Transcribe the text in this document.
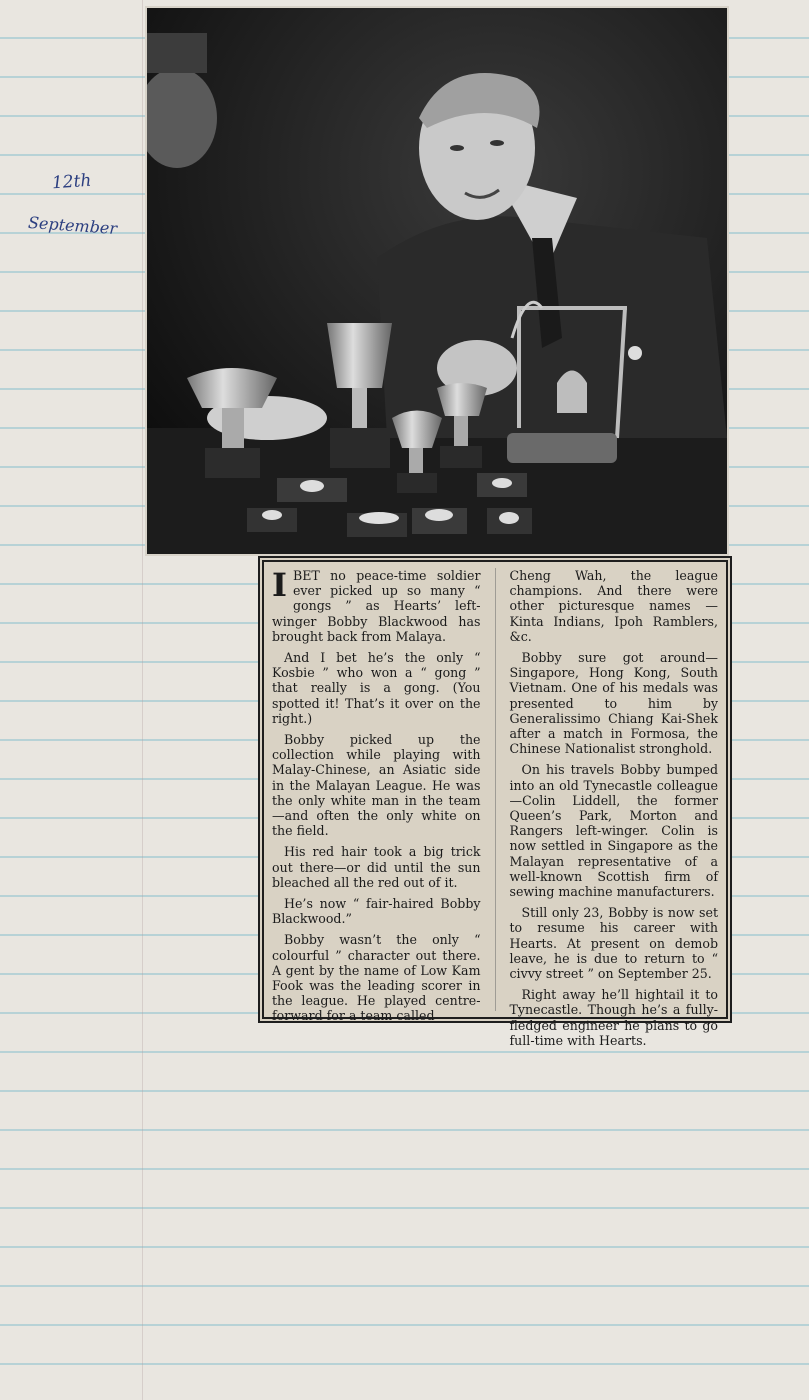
12th
September

I BET no peace-time soldier ever picked up so many “ gongs ” as Hearts’ left-winger Bobby Blackwood has brought back from Malaya.

And I bet he’s the only “ Kosbie ” who won a “ gong ” that really is a gong. (You spotted it! That’s it over on the right.)

Bobby picked up the collection while playing with Malay-Chinese, an Asiatic side in the Malayan League. He was the only white man in the team—and often the only white on the field.

His red hair took a big trick out there—or did until the sun bleached all the red out of it.

He’s now “ fair-haired Bobby Blackwood.”

Bobby wasn’t the only “ colourful ” character out there. A gent by the name of Low Kam Fook was the leading scorer in the league. He played centre-forward for a team called

Cheng Wah, the league champions. And there were other picturesque names — Kinta Indians, Ipoh Ramblers, &c.

Bobby sure got around—Singapore, Hong Kong, South Vietnam. One of his medals was presented to him by Generalissimo Chiang Kai-Shek after a match in Formosa, the Chinese Nationalist stronghold.

On his travels Bobby bumped into an old Tynecastle colleague—Colin Liddell, the former Queen’s Park, Morton and Rangers left-winger. Colin is now settled in Singapore as the Malayan representative of a well-known Scottish firm of sewing machine manufacturers.

Still only 23, Bobby is now set to resume his career with Hearts. At present on demob leave, he is due to return to “ civvy street ” on September 25.

Right away he’ll hightail it to Tynecastle. Though he’s a fully-fledged engineer he plans to go full-time with Hearts.
